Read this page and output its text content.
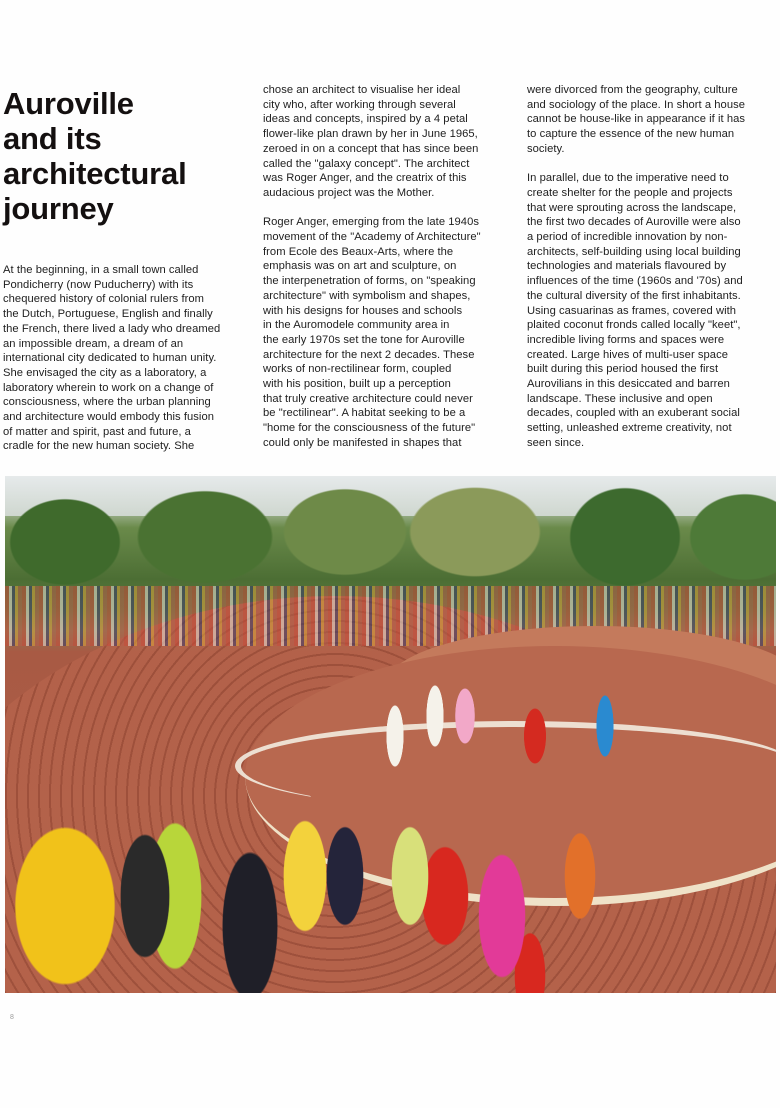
Auroville
and its
architectural
journey

At the beginning, in a small town called
Pondicherry (now Puducherry) with its
chequered history of colonial rulers from
the Dutch, Portuguese, English and finally
the French, there lived a lady who dreamed
an impossible dream, a dream of an
international city dedicated to human unity.
She envisaged the city as a laboratory, a
laboratory wherein to work on a change of
consciousness, where the urban planning
and architecture would embody this fusion
of matter and spirit, past and future, a
cradle for the new human society. She

chose an architect to visualise her ideal
city who, after working through several
ideas and concepts, inspired by a 4 petal
flower-like plan drawn by her in June 1965,
zeroed in on a concept that has since been
called the "galaxy concept". The architect
was Roger Anger, and the creatrix of this
audacious project was the Mother.

Roger Anger, emerging from the late 1940s
movement of the "Academy of Architecture"
from Ecole des Beaux-Arts, where the
emphasis was on art and sculpture, on
the interpenetration of forms, on "speaking
architecture" with symbolism and shapes,
with his designs for houses and schools
in the Auromodele community area in
the early 1970s set the tone for Auroville
architecture for the next 2 decades. These
works of non-rectilinear form, coupled
with his position, built up a perception
that truly creative architecture could never
be "rectilinear". A habitat seeking to be a
"home for the consciousness of the future"
could only be manifested in shapes that

were divorced from the geography, culture
and sociology of the place. In short a house
cannot be house-like in appearance if it has
to capture the essence of the new human
society.

In parallel, due to the imperative need to
create shelter for the people and projects
that were sprouting across the landscape,
the first two decades of Auroville were also
a period of incredible innovation by non-
architects, self-building using local building
technologies and materials flavoured by
influences of the time (1960s and '70s) and
the cultural diversity of the first inhabitants.
Using casuarinas as frames, covered with
plaited coconut fronds called locally "keet",
incredible living forms and spaces were
created. Large hives of multi-user space
built during this period housed the first
Aurovilians in this desiccated and barren
landscape. These inclusive and open
decades, coupled with an exuberant social
setting, unleashed extreme creativity, not
seen since.

8
